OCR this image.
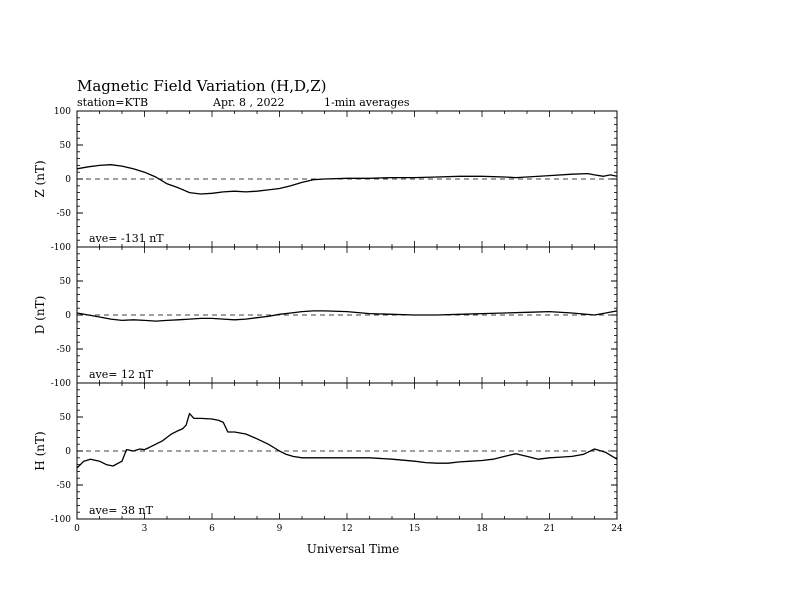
Magnetic Field Variation (H,D,Z)
station=KTB	Apr. 8 , 2022	1-min averages
100
50
0
-50
-100
Z (nT)
ave= -131 nT
50
0
-50
-100
D (nT)
ave= 12 nT
50
0
-50
-100
H (nT)
ave= 38 nT
0	3	6	9	12	15	18	21	24
Universal Time
